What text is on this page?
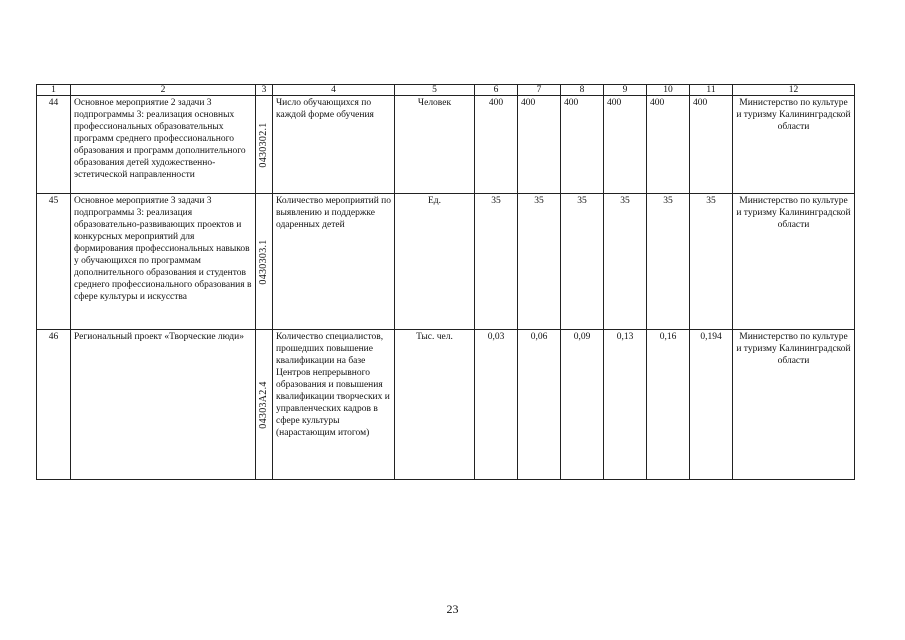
1	2	3	4	5	6	7	8	9	10	11	12
44	Основное мероприятие 2 задачи 3 подпрограммы 3: реализация основных профессиональных образовательных программ среднего профессионального образования и программ дополнительного образования детей художественно-эстетической направленности	0430302.1	Число обучающихся по каждой форме обучения	Человек	400	400	400	400	400	400	Министерство по культуре и туризму Калининградской области
45	Основное мероприятие 3 задачи 3 подпрограммы 3: реализация образовательно-развивающих проектов и конкурсных мероприятий для формирования профессиональных навыков у обучающихся по программам дополнительного образования и студентов среднего профессионального образования в сфере культуры и искусства	0430303.1	Количество мероприятий по выявлению и поддержке одаренных детей	Ед.	35	35	35	35	35	35	Министерство по культуре и туризму Калининградской области
46	Региональный проект «Творческие люди»	04303А2.4	Количество специалистов, прошедших повышение квалификации на базе Центров непрерывного образования и повышения квалификации творческих и управленческих кадров в сфере культуры (нарастающим итогом)	Тыс. чел.	0,03	0,06	0,09	0,13	0,16	0,194	Министерство по культуре и туризму Калининградской области
23
